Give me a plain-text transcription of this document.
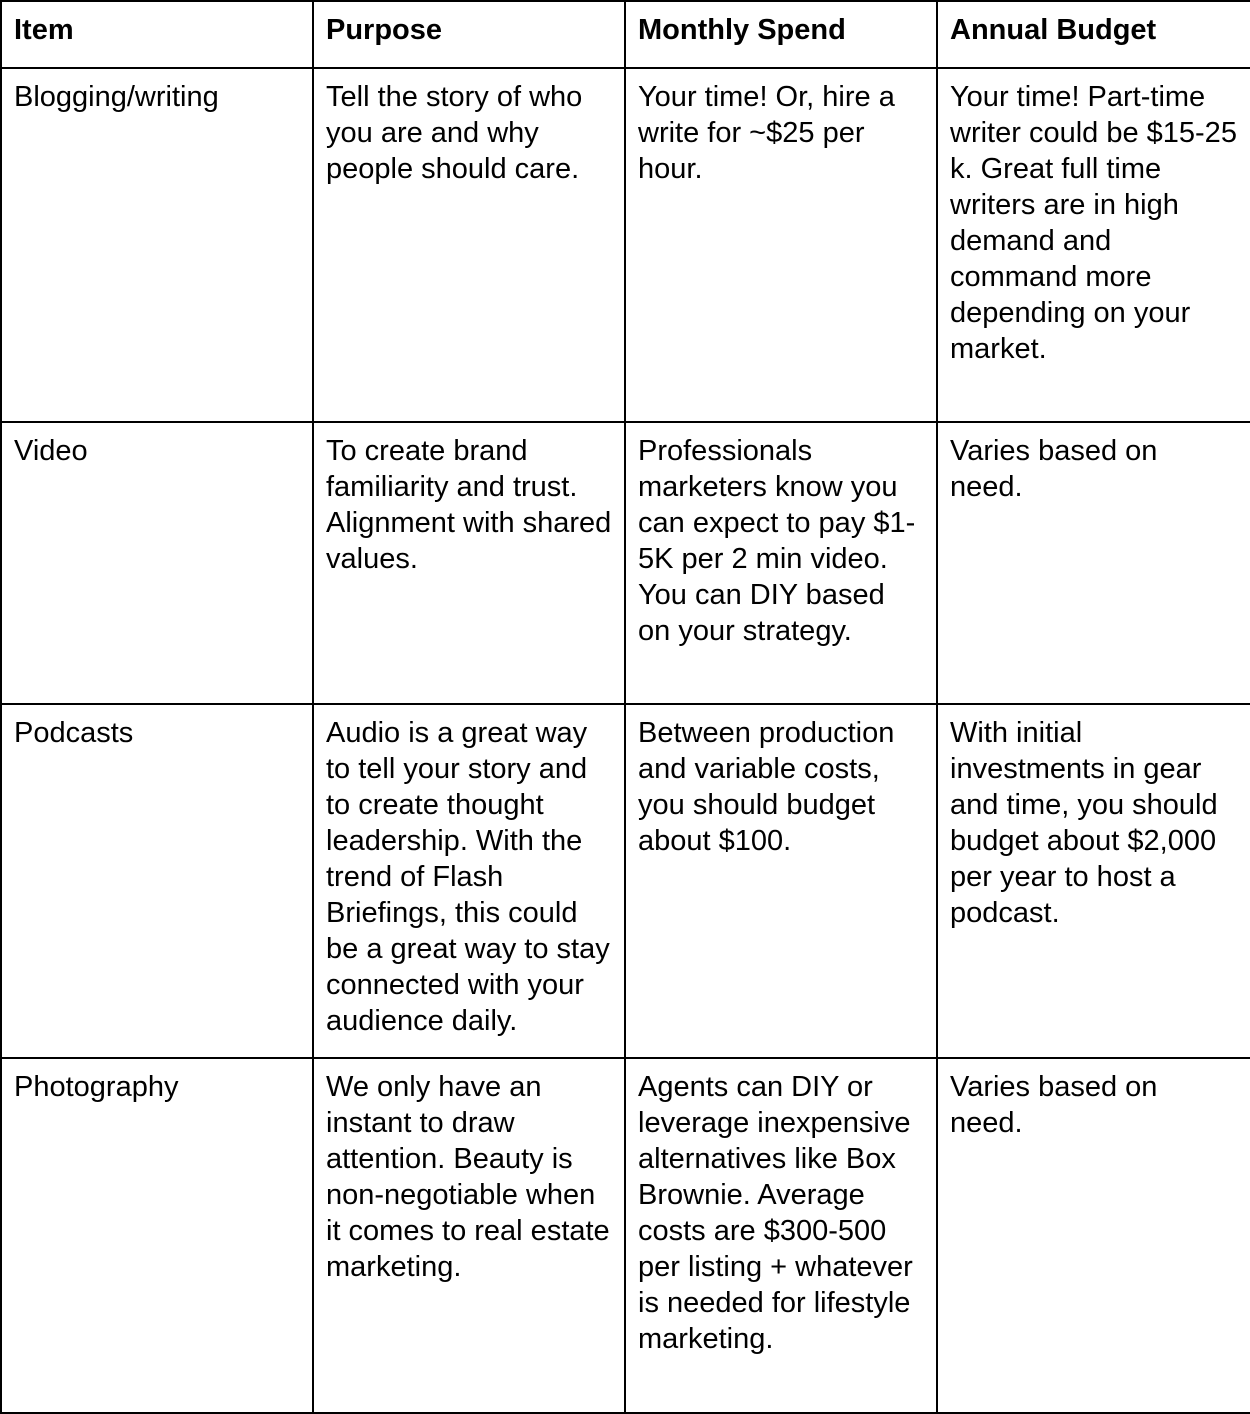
Item	Purpose	Monthly Spend	Annual Budget
Blogging/writing	Tell the story of who you are and why people should care.	Your time! Or, hire a write for ~$25 per hour.	Your time! Part-time writer could be $15-25 k. Great full time writers are in high demand and command more depending on your market.
Video	To create brand familiarity and trust. Alignment with shared values.	Professionals marketers know you can expect to pay $1-5K per 2 min video. You can DIY based on your strategy.	Varies based on need.
Podcasts	Audio is a great way to tell your story and to create thought leadership. With the trend of Flash Briefings, this could be a great way to stay connected with your audience daily.	Between production and variable costs, you should budget about $100.	With initial investments in gear and time, you should budget about $2,000 per year to host a podcast.
Photography	We only have an instant to draw attention. Beauty is non-negotiable when it comes to real estate marketing.	Agents can DIY or leverage inexpensive alternatives like Box Brownie. Average costs are $300-500 per listing + whatever is needed for lifestyle marketing.	Varies based on need.
